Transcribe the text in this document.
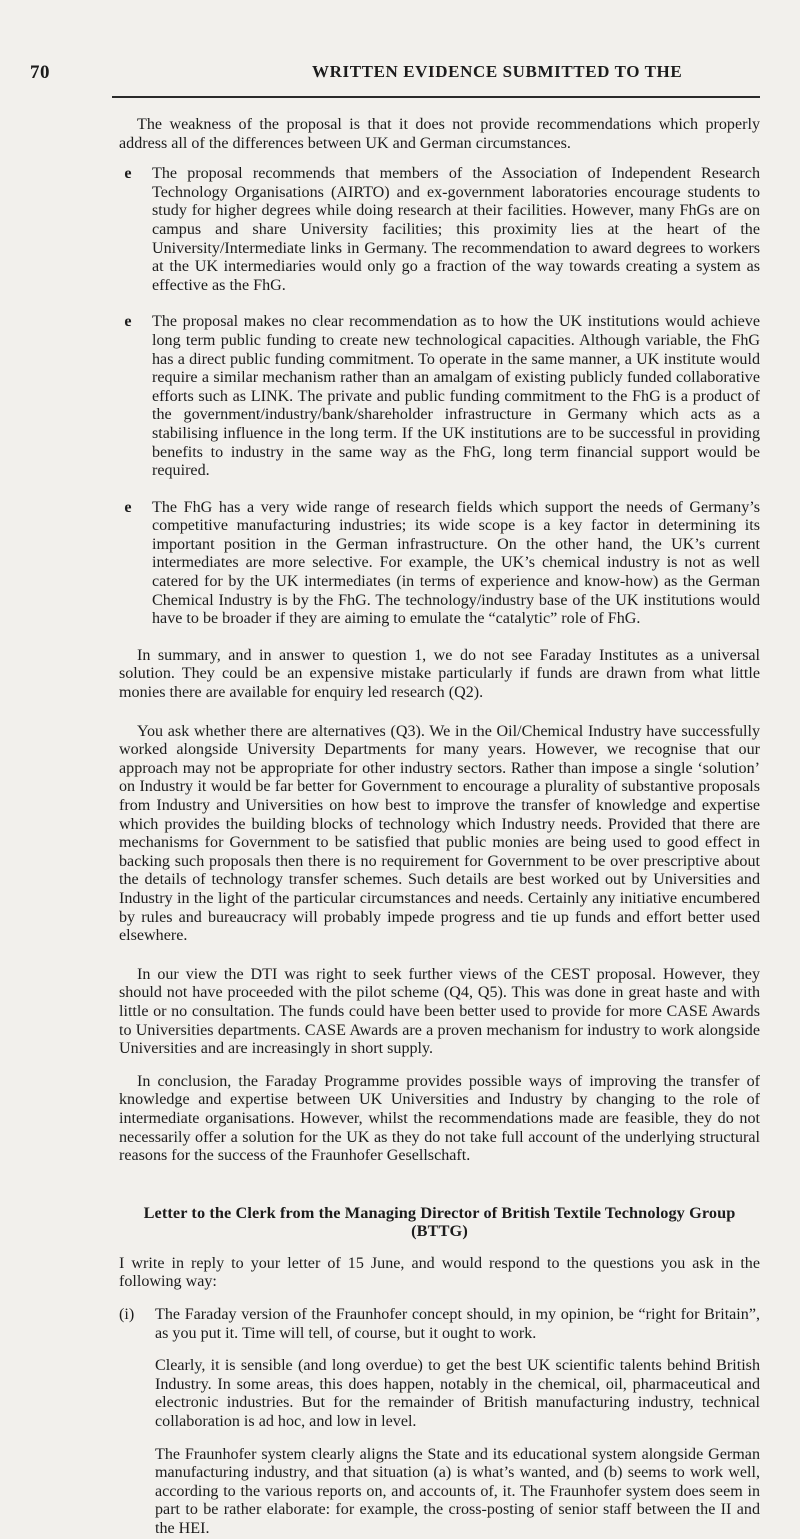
70	WRITTEN EVIDENCE SUBMITTED TO THE

The weakness of the proposal is that it does not provide recommendations which properly address all of the differences between UK and German circumstances.

e	The proposal recommends that members of the Association of Independent Research Technology Organisations (AIRTO) and ex-government laboratories encourage students to study for higher degrees while doing research at their facilities. However, many FhGs are on campus and share University facilities; this proximity lies at the heart of the University/Intermediate links in Germany. The recommendation to award degrees to workers at the UK intermediaries would only go a fraction of the way towards creating a system as effective as the FhG.
e	The proposal makes no clear recommendation as to how the UK institutions would achieve long term public funding to create new technological capacities. Although variable, the FhG has a direct public funding commitment. To operate in the same manner, a UK institute would require a similar mechanism rather than an amalgam of existing publicly funded collaborative efforts such as LINK. The private and public funding commitment to the FhG is a product of the government/industry/bank/shareholder infrastructure in Germany which acts as a stabilising influence in the long term. If the UK institutions are to be successful in providing benefits to industry in the same way as the FhG, long term financial support would be required.
e	The FhG has a very wide range of research fields which support the needs of Germany’s competitive manufacturing industries; its wide scope is a key factor in determining its important position in the German infrastructure. On the other hand, the UK’s current intermediates are more selective. For example, the UK’s chemical industry is not as well catered for by the UK intermediates (in terms of experience and know-how) as the German Chemical Industry is by the FhG. The technology/industry base of the UK institutions would have to be broader if they are aiming to emulate the “catalytic” role of FhG.

In summary, and in answer to question 1, we do not see Faraday Institutes as a universal solution. They could be an expensive mistake particularly if funds are drawn from what little monies there are available for enquiry led research (Q2).

You ask whether there are alternatives (Q3). We in the Oil/Chemical Industry have successfully worked alongside University Departments for many years. However, we recognise that our approach may not be appropriate for other industry sectors. Rather than impose a single ‘solution’ on Industry it would be far better for Government to encourage a plurality of substantive proposals from Industry and Universities on how best to improve the transfer of knowledge and expertise which provides the building blocks of technology which Industry needs. Provided that there are mechanisms for Government to be satisfied that public monies are being used to good effect in backing such proposals then there is no requirement for Government to be over prescriptive about the details of technology transfer schemes. Such details are best worked out by Universities and Industry in the light of the particular circumstances and needs. Certainly any initiative encumbered by rules and bureaucracy will probably impede progress and tie up funds and effort better used elsewhere.

In our view the DTI was right to seek further views of the CEST proposal. However, they should not have proceeded with the pilot scheme (Q4, Q5). This was done in great haste and with little or no consultation. The funds could have been better used to provide for more CASE Awards to Universities departments. CASE Awards are a proven mechanism for industry to work alongside Universities and are increasingly in short supply.

In conclusion, the Faraday Programme provides possible ways of improving the transfer of knowledge and expertise between UK Universities and Industry by changing to the role of intermediate organisations. However, whilst the recommendations made are feasible, they do not necessarily offer a solution for the UK as they do not take full account of the underlying structural reasons for the success of the Fraunhofer Gesellschaft.

Letter to the Clerk from the Managing Director of British Textile Technology Group (BTTG)

I write in reply to your letter of 15 June, and would respond to the questions you ask in the following way:

(i) The Faraday version of the Fraunhofer concept should, in my opinion, be “right for Britain”, as you put it. Time will tell, of course, but it ought to work.

Clearly, it is sensible (and long overdue) to get the best UK scientific talents behind British Industry. In some areas, this does happen, notably in the chemical, oil, pharmaceutical and electronic industries. But for the remainder of British manufacturing industry, technical collaboration is ad hoc, and low in level.

The Fraunhofer system clearly aligns the State and its educational system alongside German manufacturing industry, and that situation (a) is what’s wanted, and (b) seems to work well, according to the various reports on, and accounts of, it. The Fraunhofer system does seem in part to be rather elaborate: for example, the cross-posting of senior staff between the II and the HEI.
